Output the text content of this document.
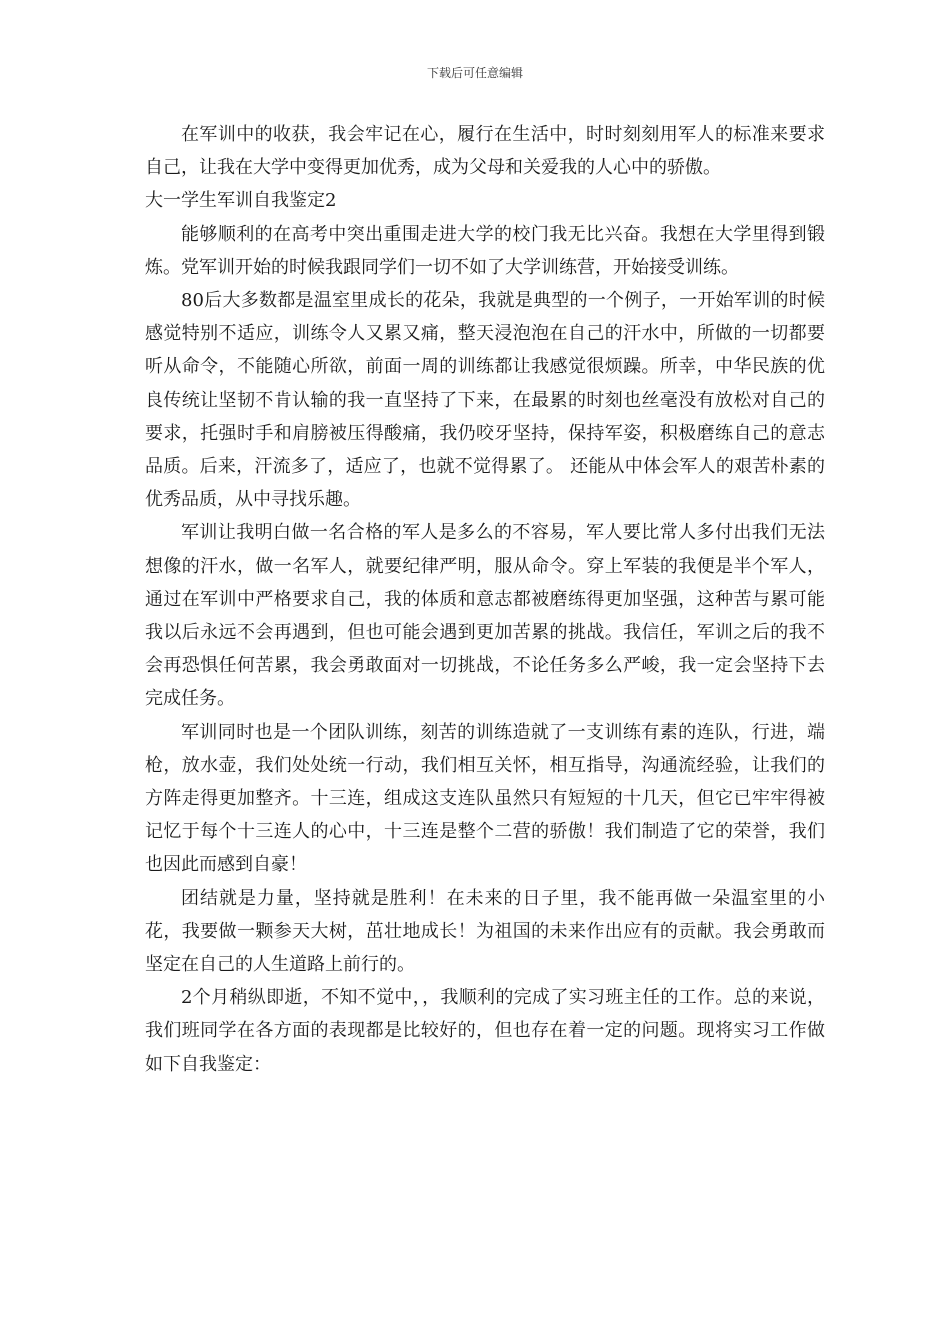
下载后可任意编辑

在军训中的收获，我会牢记在心，履行在生活中，时时刻刻用军人的标准来要求自己，让我在大学中变得更加优秀，成为父母和关爱我的人心中的骄傲。

大一学生军训自我鉴定2

能够顺利的在高考中突出重围走进大学的校门我无比兴奋。我想在大学里得到锻炼。党军训开始的时候我跟同学们一切不如了大学训练营，开始接受训练。

80后大多数都是温室里成长的花朵，我就是典型的一个例子，一开始军训的时候感觉特别不适应，训练令人又累又痛，整天浸泡泡在自己的汗水中，所做的一切都要听从命令，不能随心所欲，前面一周的训练都让我感觉很烦躁。所幸，中华民族的优良传统让坚韧不肯认输的我一直坚持了下来，在最累的时刻也丝毫没有放松对自己的要求，托强时手和肩膀被压得酸痛，我仍咬牙坚持，保持军姿，积极磨练自己的意志品质。后来，汗流多了，适应了，也就不觉得累了。 还能从中体会军人的艰苦朴素的优秀品质，从中寻找乐趣。

军训让我明白做一名合格的军人是多么的不容易，军人要比常人多付出我们无法想像的汗水，做一名军人，就要纪律严明，服从命令。穿上军装的我便是半个军人，通过在军训中严格要求自己，我的体质和意志都被磨练得更加坚强，这种苦与累可能我以后永远不会再遇到，但也可能会遇到更加苦累的挑战。我信任，军训之后的我不会再恐惧任何苦累，我会勇敢面对一切挑战，不论任务多么严峻，我一定会坚持下去完成任务。

军训同时也是一个团队训练，刻苦的训练造就了一支训练有素的连队，行进，端枪，放水壶，我们处处统一行动，我们相互关怀，相互指导，沟通流经验，让我们的方阵走得更加整齐。十三连，组成这支连队虽然只有短短的十几天，但它已牢牢得被记忆于每个十三连人的心中，十三连是整个二营的骄傲！我们制造了它的荣誉，我们也因此而感到自豪！

团结就是力量，坚持就是胜利！在未来的日子里，我不能再做一朵温室里的小花，我要做一颗参天大树，茁壮地成长！为祖国的未来作出应有的贡献。我会勇敢而坚定在自己的人生道路上前行的。

2个月稍纵即逝，不知不觉中，，我顺利的完成了实习班主任的工作。总的来说，我们班同学在各方面的表现都是比较好的，但也存在着一定的问题。现将实习工作做如下自我鉴定：
